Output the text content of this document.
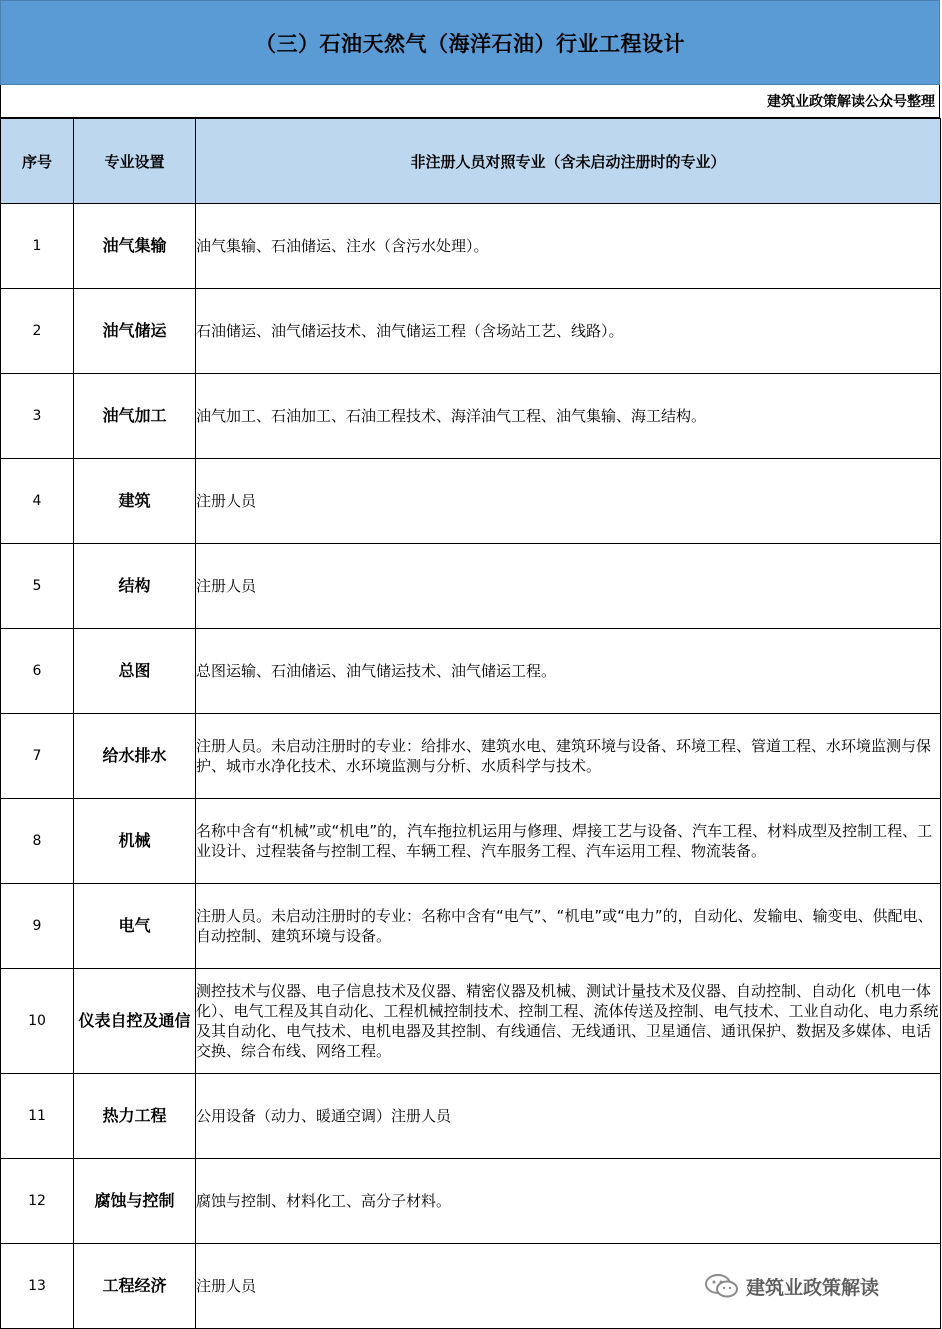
（三）石油天然气（海洋石油）行业工程设计
建筑业政策解读公众号整理
序号	专业设置	非注册人员对照专业（含未启动注册时的专业）
1	油气集输	油气集输、石油储运、注水（含污水处理）。
2	油气储运	石油储运、油气储运技术、油气储运工程（含场站工艺、线路）。
3	油气加工	油气加工、石油加工、石油工程技术、海洋油气工程、油气集输、海工结构。
4	建筑	注册人员
5	结构	注册人员
6	总图	总图运输、石油储运、油气储运技术、油气储运工程。
7	给水排水	注册人员。未启动注册时的专业：给排水、建筑水电、建筑环境与设备、环境工程、管道工程、水环境监测与保护、城市水净化技术、水环境监测与分析、水质科学与技术。
8	机械	名称中含有“机械”或“机电”的，汽车拖拉机运用与修理、焊接工艺与设备、汽车工程、材料成型及控制工程、工业设计、过程装备与控制工程、车辆工程、汽车服务工程、汽车运用工程、物流装备。
9	电气	注册人员。未启动注册时的专业：名称中含有“电气”、“机电”或“电力”的，自动化、发输电、输变电、供配电、自动控制、建筑环境与设备。
10	仪表自控及通信	测控技术与仪器、电子信息技术及仪器、精密仪器及机械、测试计量技术及仪器、自动控制、自动化（机电一体化）、电气工程及其自动化、工程机械控制技术、控制工程、流体传送及控制、电气技术、工业自动化、电力系统及其自动化、电气技术、电机电器及其控制、有线通信、无线通讯、卫星通信、通讯保护、数据及多媒体、电话交换、综合布线、网络工程。
11	热力工程	公用设备（动力、暖通空调）注册人员
12	腐蚀与控制	腐蚀与控制、材料化工、高分子材料。
13	工程经济	注册人员	建筑业政策解读
